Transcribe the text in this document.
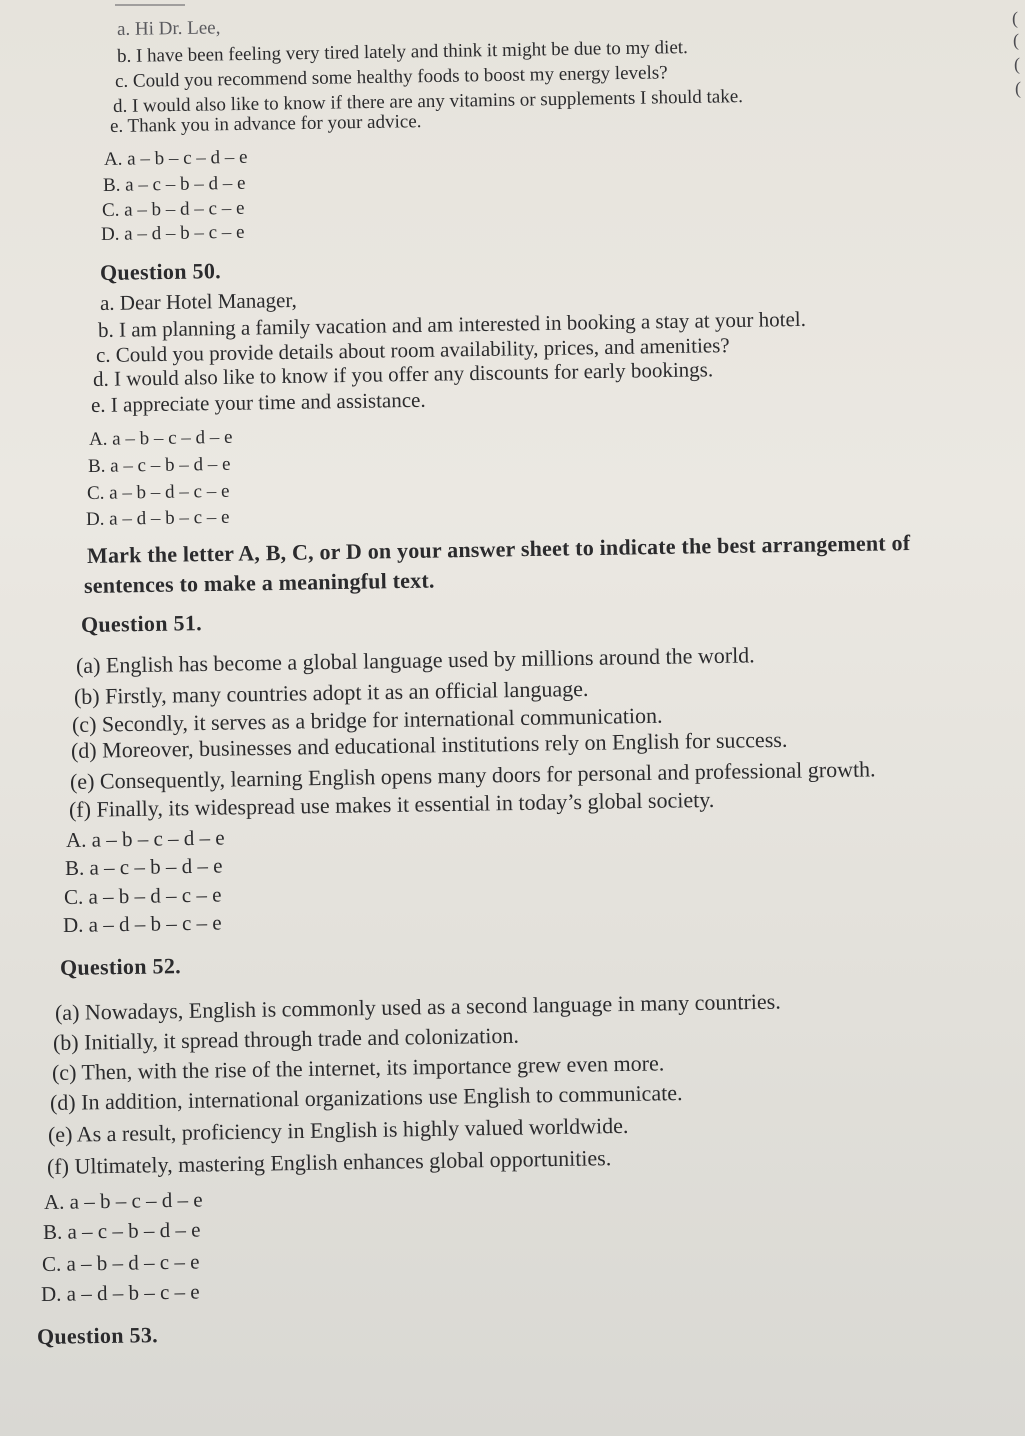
(
(
(
(
a. Hi Dr. Lee,
b. I have been feeling very tired lately and think it might be due to my diet.
c. Could you recommend some healthy foods to boost my energy levels?
d. I would also like to know if there are any vitamins or supplements I should take.
e. Thank you in advance for your advice.
A. a – b – c – d – e
B. a – c – b – d – e
C. a – b – d – c – e
D. a – d – b – c – e
Question 50.
a. Dear Hotel Manager,
b. I am planning a family vacation and am interested in booking a stay at your hotel.
c. Could you provide details about room availability, prices, and amenities?
d. I would also like to know if you offer any discounts for early bookings.
e. I appreciate your time and assistance.
A. a – b – c – d – e
B. a – c – b – d – e
C. a – b – d – c – e
D. a – d – b – c – e
Mark the letter A, B, C, or D on your answer sheet to indicate the best arrangement of
sentences to make a meaningful text.
Question 51.
(a) English has become a global language used by millions around the world.
(b) Firstly, many countries adopt it as an official language.
(c) Secondly, it serves as a bridge for international communication.
(d) Moreover, businesses and educational institutions rely on English for success.
(e) Consequently, learning English opens many doors for personal and professional growth.
(f) Finally, its widespread use makes it essential in today’s global society.
A. a – b – c – d – e
B. a – c – b – d – e
C. a – b – d – c – e
D. a – d – b – c – e
Question 52.
(a) Nowadays, English is commonly used as a second language in many countries.
(b) Initially, it spread through trade and colonization.
(c) Then, with the rise of the internet, its importance grew even more.
(d) In addition, international organizations use English to communicate.
(e) As a result, proficiency in English is highly valued worldwide.
(f) Ultimately, mastering English enhances global opportunities.
A. a – b – c – d – e
B. a – c – b – d – e
C. a – b – d – c – e
D. a – d – b – c – e
Question 53.
